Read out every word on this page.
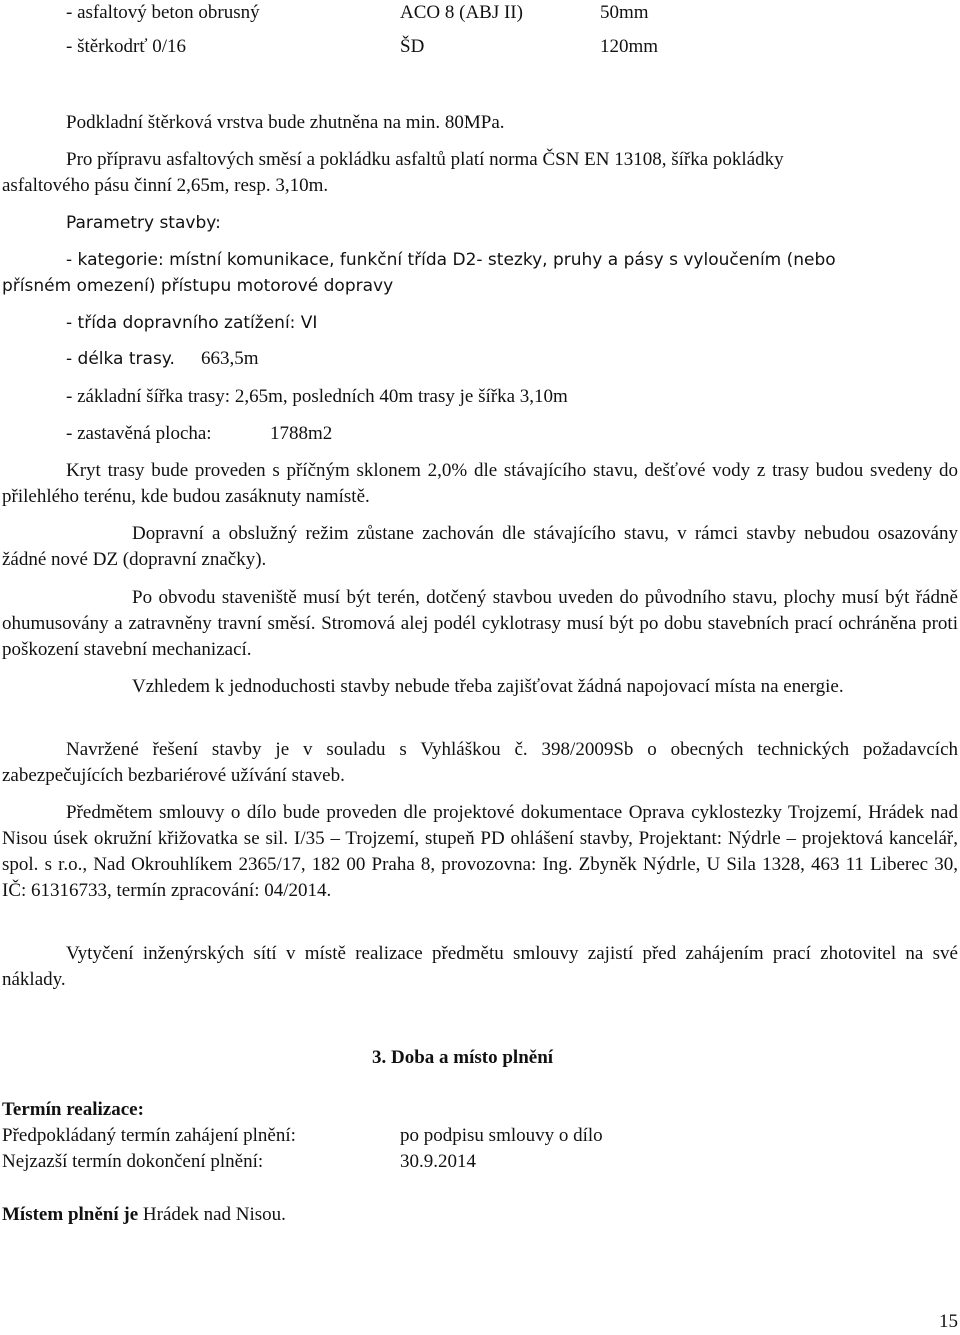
- asfaltový beton obrusný	ACO 8 (ABJ II)	50mm
- štěrkodrť 0/16	ŠD	120mm
Podkladní štěrková vrstva bude zhutněna na min. 80MPa.
Pro přípravu asfaltových směsí a pokládku asfaltů platí norma ČSN EN 13108, šířka pokládky
asfaltového pásu činní 2,65m, resp. 3,10m.
Parametry stavby:
- kategorie: místní komunikace, funkční třída D2- stezky, pruhy a pásy s vyloučením (nebo
přísném omezení) přístupu motorové dopravy
- třída dopravního zatížení: VI
- délka trasy. 663,5m
- základní šířka trasy: 2,65m, posledních 40m trasy je šířka 3,10m
- zastavěná plocha:	1788m2
Kryt trasy bude proveden s příčným sklonem 2,0% dle stávajícího stavu, dešťové vody z trasy budou svedeny do přilehlého terénu, kde budou zasáknuty namístě.
Dopravní a obslužný režim zůstane zachován dle stávajícího stavu, v rámci stavby nebudou osazovány žádné nové DZ (dopravní značky).
Po obvodu staveniště musí být terén, dotčený stavbou uveden do původního stavu, plochy musí být řádně ohumusovány a zatravněny travní směsí. Stromová alej podél cyklotrasy musí být po dobu stavebních prací ochráněna proti poškození stavební mechanizací.
Vzhledem k jednoduchosti stavby nebude třeba zajišťovat žádná napojovací místa na energie.
Navržené řešení stavby je v souladu s Vyhláškou č. 398/2009Sb o obecných technických požadavcích zabezpečujících bezbariérové užívání staveb.
Předmětem smlouvy o dílo bude proveden dle projektové dokumentace Oprava cyklostezky Trojzemí, Hrádek nad Nisou úsek okružní křižovatka se sil. I/35 – Trojzemí, stupeň PD ohlášení stavby, Projektant: Nýdrle – projektová kancelář, spol. s r.o., Nad Okrouhlíkem 2365/17, 182 00 Praha 8, provozovna: Ing. Zbyněk Nýdrle, U Sila 1328, 463 11 Liberec 30, IČ: 61316733, termín zpracování: 04/2014.
Vytyčení inženýrských sítí v místě realizace předmětu smlouvy zajistí před zahájením prací zhotovitel na své náklady.
3. Doba a místo plnění
Termín realizace:
Předpokládaný termín zahájení plnění:	po podpisu smlouvy o dílo
Nejzazší termín dokončení plnění:	30.9.2014
Místem plnění je Hrádek nad Nisou.
15
